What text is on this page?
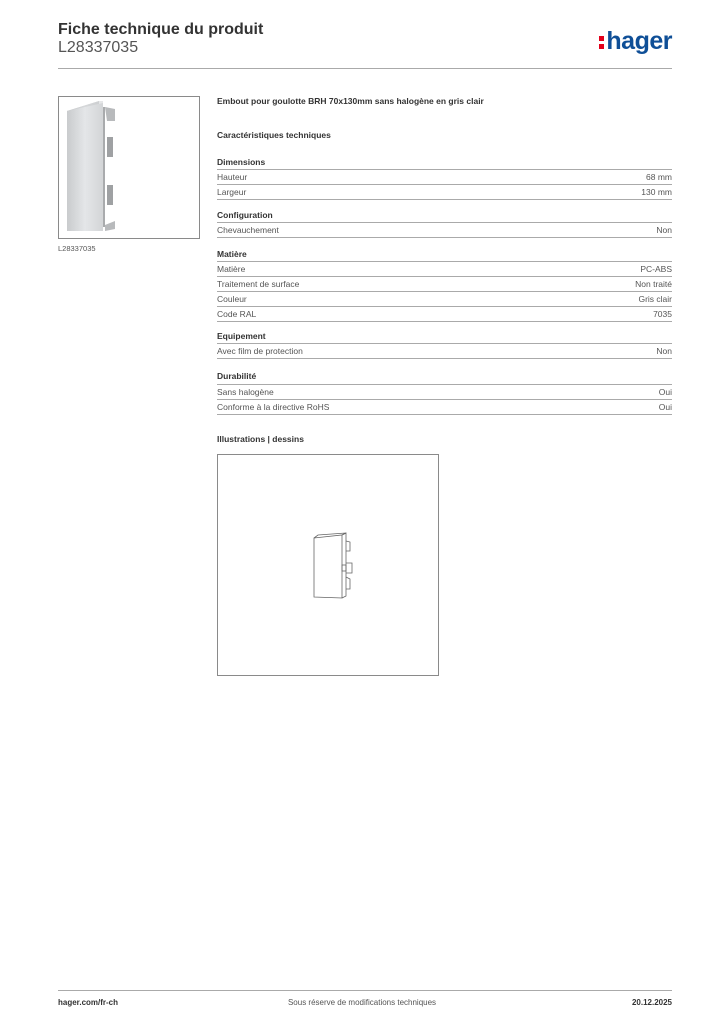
Fiche technique du produit
L28337035	hager
L28337035
Embout pour goulotte BRH 70x130mm sans halogène en gris clair
Caractéristiques techniques
Dimensions
Hauteur	68 mm
Largeur	130 mm
Configuration
Chevauchement	Non
Matière
Matière	PC-ABS
Traitement de surface	Non traité
Couleur	Gris clair
Code RAL	7035
Equipement
Avec film de protection	Non
Durabilité
Sans halogène	Oui
Conforme à la directive RoHS	Oui
Illustrations | dessins
hager.com/fr-ch	Sous réserve de modifications techniques	20.12.2025
